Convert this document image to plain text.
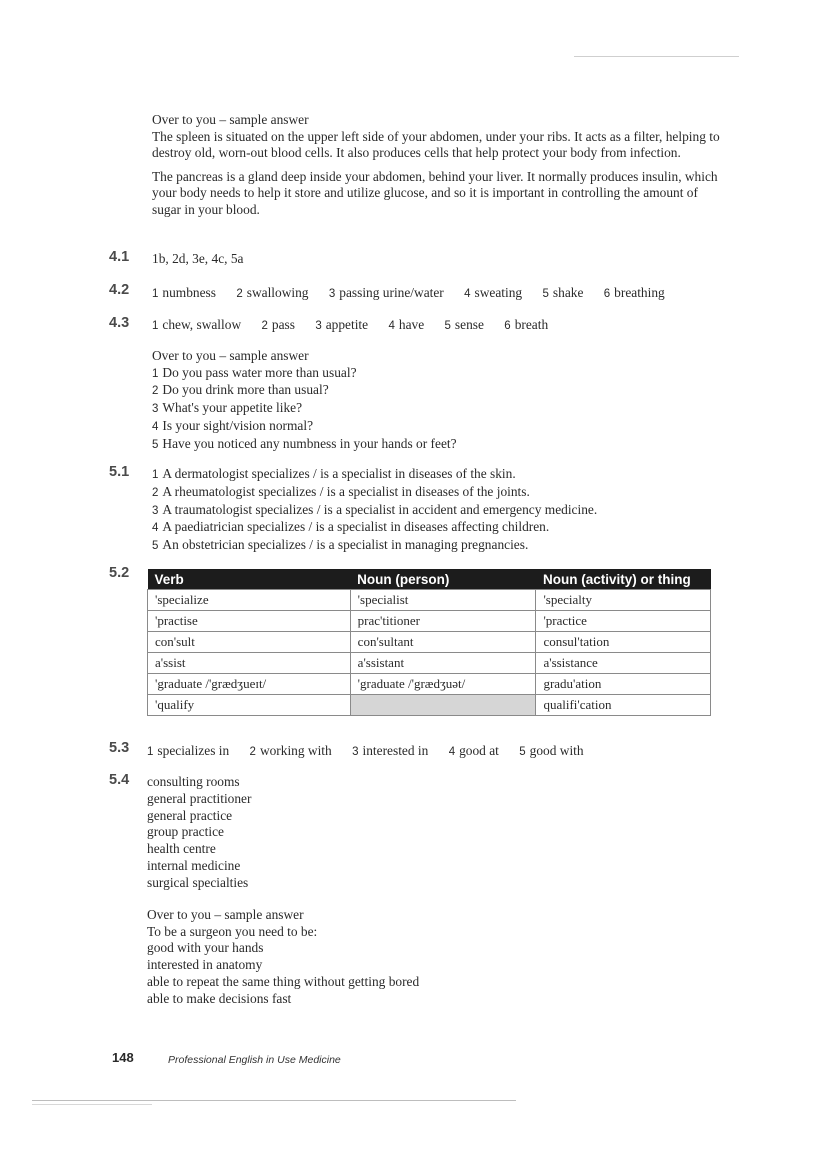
Over to you – sample answer

The spleen is situated on the upper left side of your abdomen, under your ribs. It acts as a filter, helping to destroy old, worn-out blood cells. It also produces cells that help protect your body from infection.

The pancreas is a gland deep inside your abdomen, behind your liver. It normally produces insulin, which your body needs to help it store and utilize glucose, and so it is important in controlling the amount of sugar in your blood.

4.1 1b, 2d, 3e, 4c, 5a
4.2 1 numbness 2 swallowing 3 passing urine/water 4 sweating 5 shake 6 breathing
4.3 1 chew, swallow 2 pass 3 appetite 4 have 5 sense 6 breath

Over to you – sample answer

1 Do you pass water more than usual?
2 Do you drink more than usual?
3 What's your appetite like?
4 Is your sight/vision normal?
5 Have you noticed any numbness in your hands or feet?
5.1 1 A dermatologist specializes / is a specialist in diseases of the skin.
2 A rheumatologist specializes / is a specialist in diseases of the joints.
3 A traumatologist specializes / is a specialist in accident and emergency medicine.
4 A paediatrician specializes / is a specialist in diseases affecting children.
5 An obstetrician specializes / is a specialist in managing pregnancies.
5.2 Verb	Noun (person)	Noun (activity) or thing
'specialize	'specialist	'specialty
'practise	prac'titioner	'practice
con'sult	con'sultant	consul'tation
a'ssist	a'ssistant	a'ssistance
'graduate /'grædʒueɪt/	'graduate /'grædʒuət/	gradu'ation
'qualify		qualifi'cation
5.3 1 specializes in 2 working with 3 interested in 4 good at 5 good with
5.4 consulting rooms
general practitioner
general practice
group practice
health centre
internal medicine
surgical specialties

Over to you – sample answer

To be a surgeon you need to be:
good with your hands
interested in anatomy
able to repeat the same thing without getting bored
able to make decisions fast
148	Professional English in Use Medicine
